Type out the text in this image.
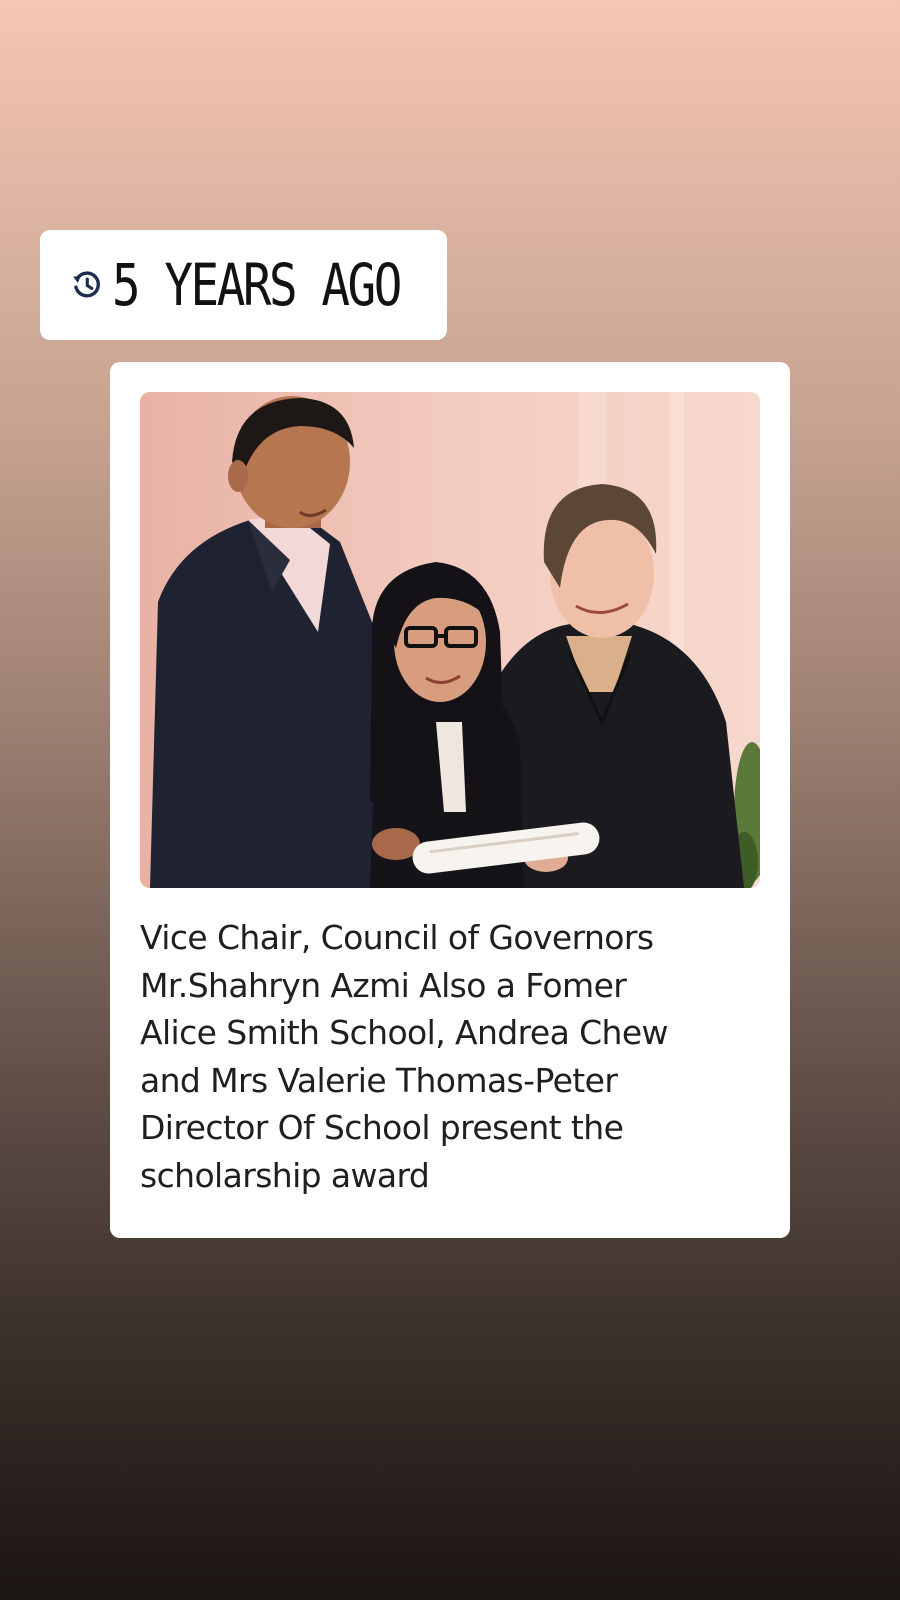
5 YEARS AGO

Vice Chair, Council of Governors
Mr.Shahryn Azmi Also a Fomer
Alice Smith School, Andrea Chew
and Mrs Valerie Thomas-Peter
Director Of School present the
scholarship award
